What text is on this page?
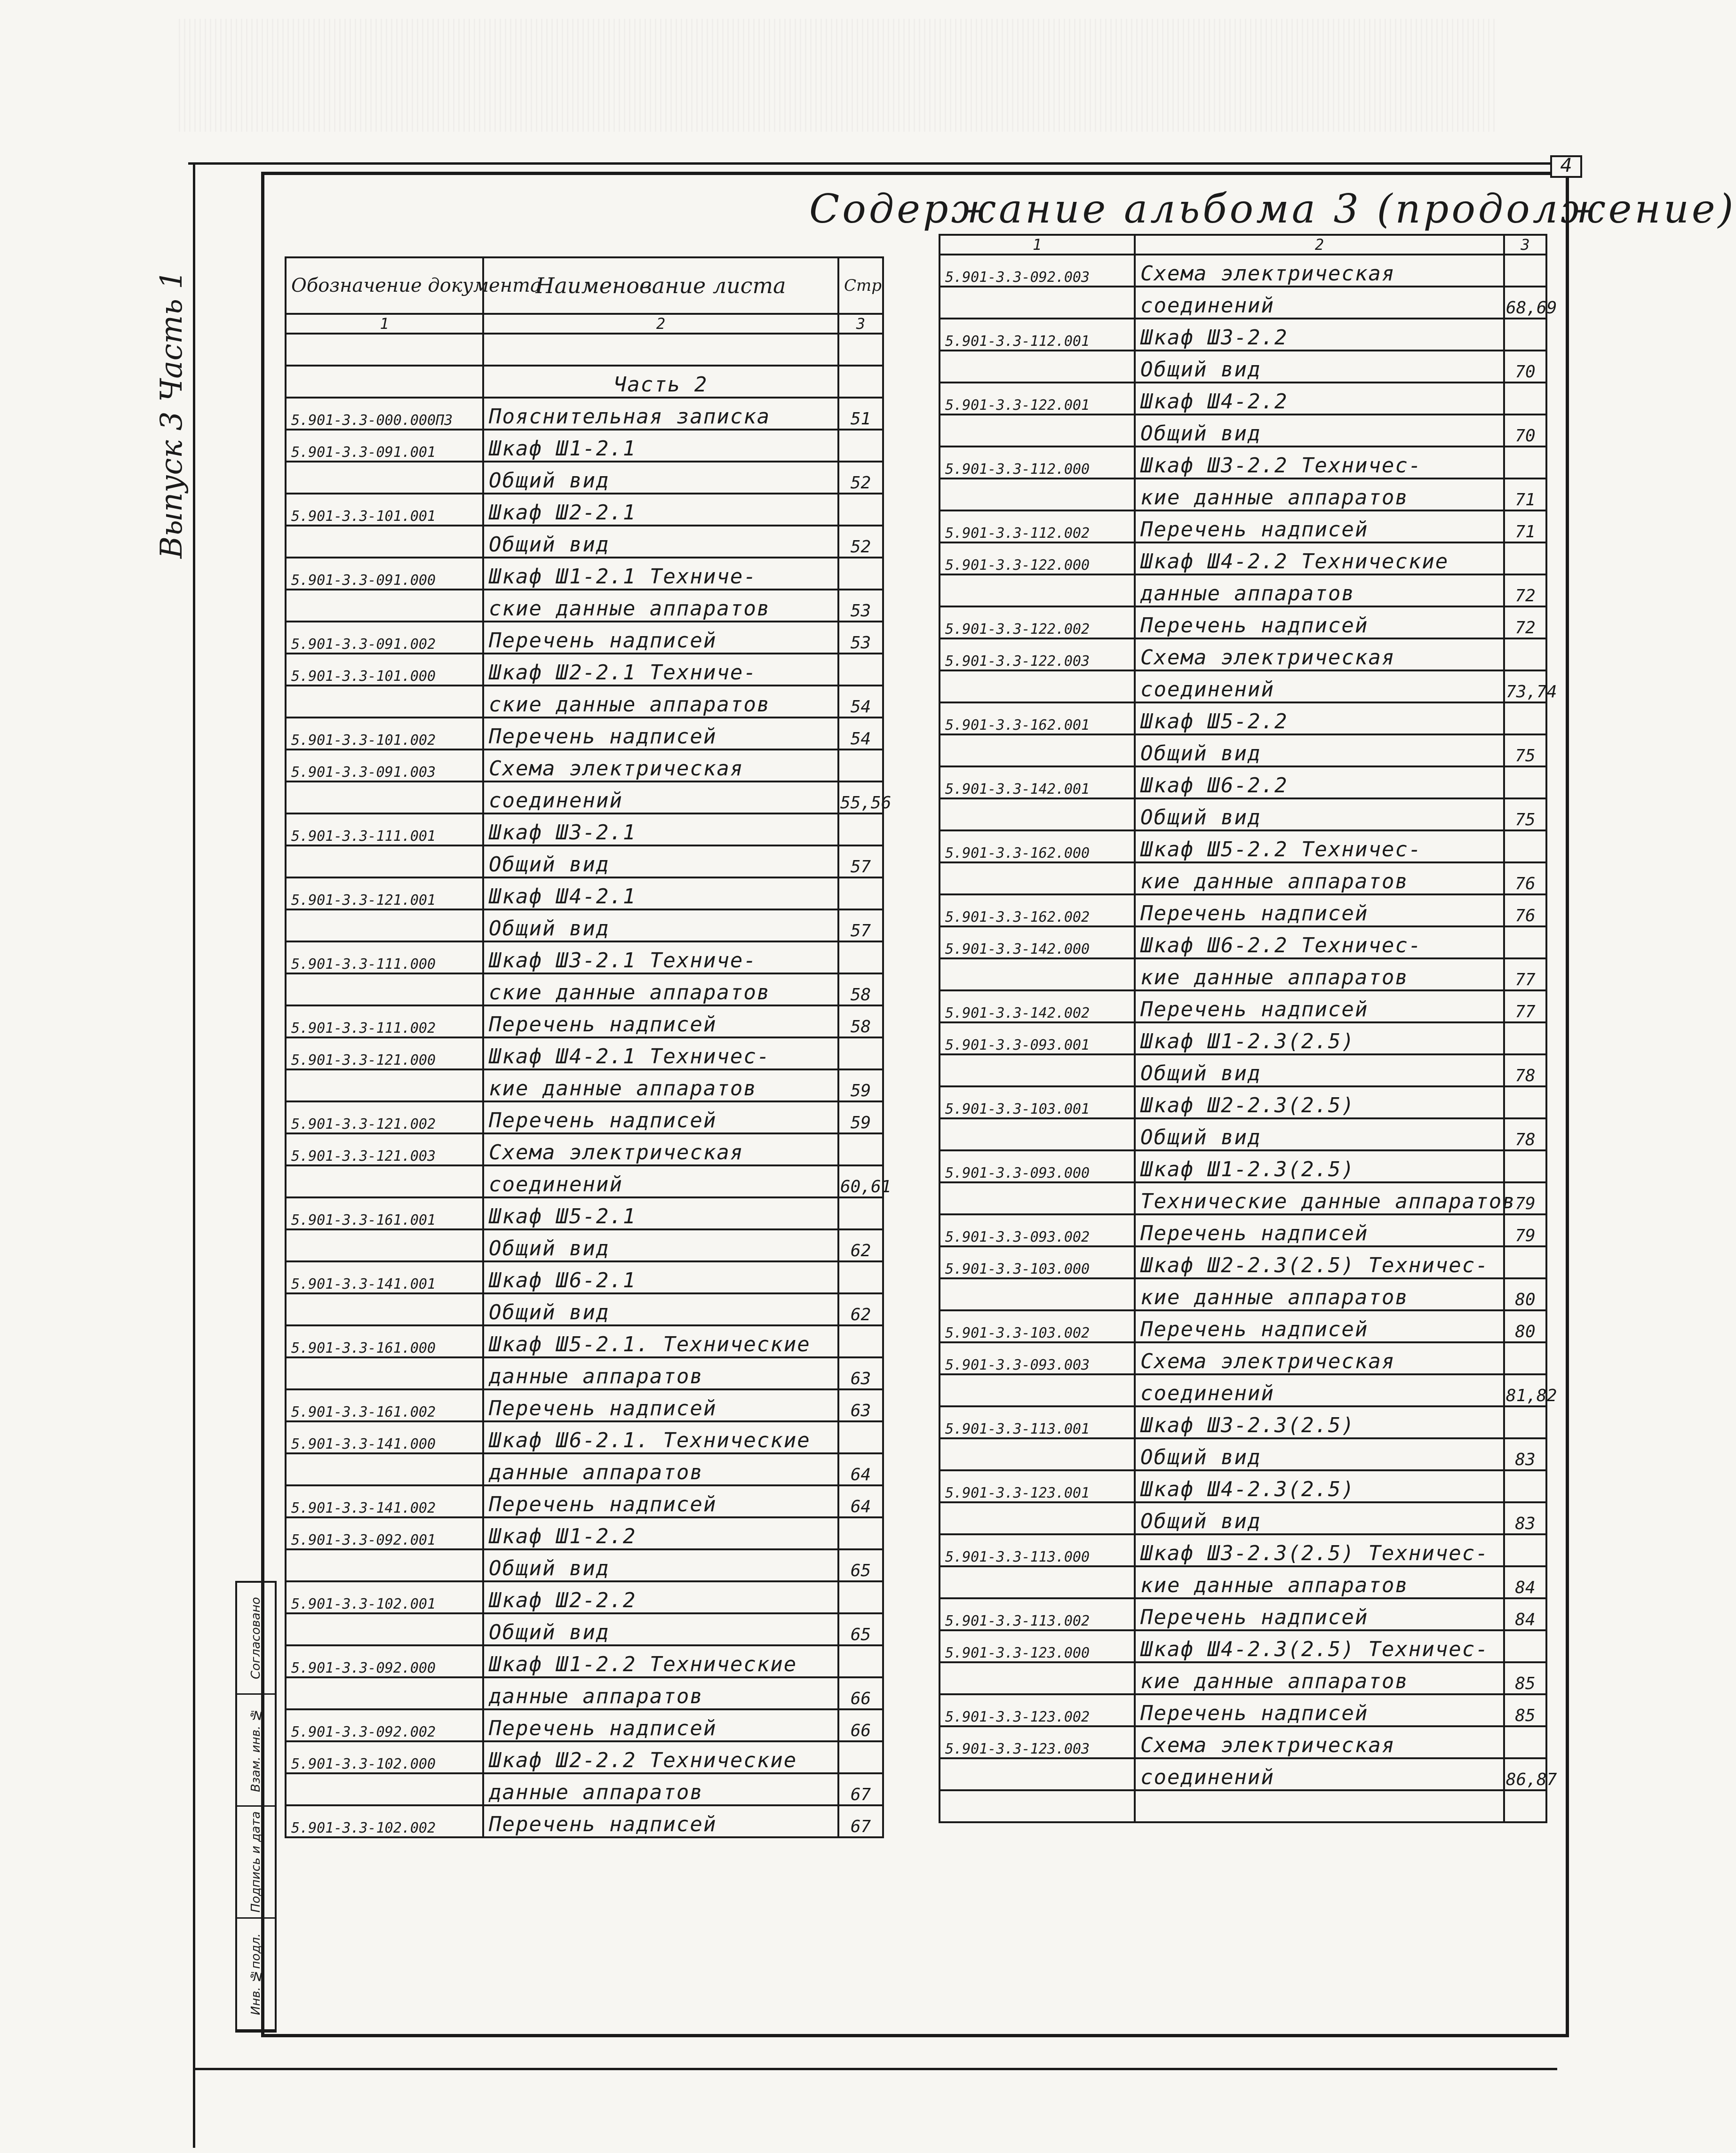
4
Содержание альбома 3 (продолжение)
Выпуск 3 Часть 1
Инв. №подл.
Подпись и дата
Взам. инв. №
Согласовано
Обозначение документа	Наименование листа	Стр
1	2	3

	Часть 2	
5.901-3.3-000.000ПЗ	Пояснительная записка	51
5.901-3.3-091.001	Шкаф Ш1-2.1	
	Общий вид	52
5.901-3.3-101.001	Шкаф Ш2-2.1	
	Общий вид	52
5.901-3.3-091.000	Шкаф Ш1-2.1 Техниче-	
	ские данные аппаратов	53
5.901-3.3-091.002	Перечень надписей	53
5.901-3.3-101.000	Шкаф Ш2-2.1 Техниче-	
	ские данные аппаратов	54
5.901-3.3-101.002	Перечень надписей	54
5.901-3.3-091.003	Схема электрическая	
	соединений	55,56
5.901-3.3-111.001	Шкаф Ш3-2.1	
	Общий вид	57
5.901-3.3-121.001	Шкаф Ш4-2.1	
	Общий вид	57
5.901-3.3-111.000	Шкаф Ш3-2.1 Техниче-	
	ские данные аппаратов	58
5.901-3.3-111.002	Перечень надписей	58
5.901-3.3-121.000	Шкаф Ш4-2.1 Техничес-	
	кие данные аппаратов	59
5.901-3.3-121.002	Перечень надписей	59
5.901-3.3-121.003	Схема электрическая	
	соединений	60,61
5.901-3.3-161.001	Шкаф Ш5-2.1	
	Общий вид	62
5.901-3.3-141.001	Шкаф Ш6-2.1	
	Общий вид	62
5.901-3.3-161.000	Шкаф Ш5-2.1. Технические	
	данные аппаратов	63
5.901-3.3-161.002	Перечень надписей	63
5.901-3.3-141.000	Шкаф Ш6-2.1. Технические	
	данные аппаратов	64
5.901-3.3-141.002	Перечень надписей	64
5.901-3.3-092.001	Шкаф Ш1-2.2	
	Общий вид	65
5.901-3.3-102.001	Шкаф Ш2-2.2	
	Общий вид	65
5.901-3.3-092.000	Шкаф Ш1-2.2 Технические	
	данные аппаратов	66
5.901-3.3-092.002	Перечень надписей	66
5.901-3.3-102.000	Шкаф Ш2-2.2 Технические	
	данные аппаратов	67
5.901-3.3-102.002	Перечень надписей	67
1	2	3
5.901-3.3-092.003	Схема электрическая	
	соединений	68,69
5.901-3.3-112.001	Шкаф Ш3-2.2	
	Общий вид	70
5.901-3.3-122.001	Шкаф Ш4-2.2	
	Общий вид	70
5.901-3.3-112.000	Шкаф Ш3-2.2 Техничес-	
	кие данные аппаратов	71
5.901-3.3-112.002	Перечень надписей	71
5.901-3.3-122.000	Шкаф Ш4-2.2 Технические	
	данные аппаратов	72
5.901-3.3-122.002	Перечень надписей	72
5.901-3.3-122.003	Схема электрическая	
	соединений	73,74
5.901-3.3-162.001	Шкаф Ш5-2.2	
	Общий вид	75
5.901-3.3-142.001	Шкаф Ш6-2.2	
	Общий вид	75
5.901-3.3-162.000	Шкаф Ш5-2.2 Техничес-	
	кие данные аппаратов	76
5.901-3.3-162.002	Перечень надписей	76
5.901-3.3-142.000	Шкаф Ш6-2.2 Техничес-	
	кие данные аппаратов	77
5.901-3.3-142.002	Перечень надписей	77
5.901-3.3-093.001	Шкаф Ш1-2.3(2.5)	
	Общий вид	78
5.901-3.3-103.001	Шкаф Ш2-2.3(2.5)	
	Общий вид	78
5.901-3.3-093.000	Шкаф Ш1-2.3(2.5)	
	Технические данные аппаратов	79
5.901-3.3-093.002	Перечень надписей	79
5.901-3.3-103.000	Шкаф Ш2-2.3(2.5) Техничес-	
	кие данные аппаратов	80
5.901-3.3-103.002	Перечень надписей	80
5.901-3.3-093.003	Схема электрическая	
	соединений	81,82
5.901-3.3-113.001	Шкаф Ш3-2.3(2.5)	
	Общий вид	83
5.901-3.3-123.001	Шкаф Ш4-2.3(2.5)	
	Общий вид	83
5.901-3.3-113.000	Шкаф Ш3-2.3(2.5) Техничес-	
	кие данные аппаратов	84
5.901-3.3-113.002	Перечень надписей	84
5.901-3.3-123.000	Шкаф Ш4-2.3(2.5) Техничес-	
	кие данные аппаратов	85
5.901-3.3-123.002	Перечень надписей	85
5.901-3.3-123.003	Схема электрическая	
	соединений	86,87
